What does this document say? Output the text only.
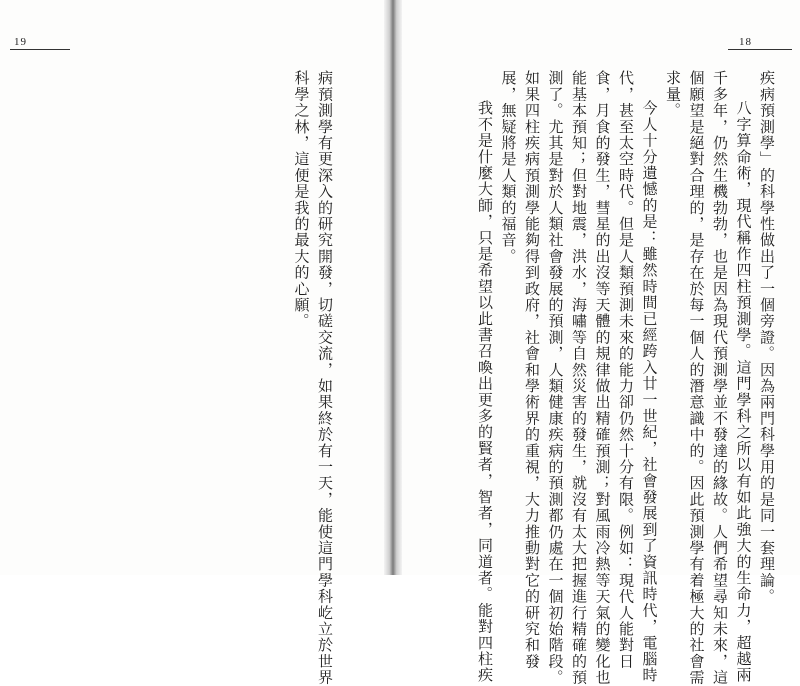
19
病預測學有更深入的研究開發，切磋交流，如果終於有一天，能使這門學科屹立於世界
科學之林，這便是我的最大的心願。
18
疾病預測學」的科學性做出了一個旁證。因為兩門科學用的是同一套理論。
八字算命術，現代稱作四柱預測學。這門學科之所以有如此強大的生命力，超越兩
千多年，仍然生機勃勃，也是因為現代預測學並不發達的緣故。人們希望尋知未來，這
個願望是絕對合理的，是存在於每一個人的潛意識中的。因此預測學有着極大的社會需
求量。
今人十分遺憾的是：雖然時間已經跨入廿一世紀，社會發展到了資訊時代，電腦時
代，甚至太空時代。但是人類預測未來的能力卻仍然十分有限。例如：現代人能對日
食，月食的發生，彗星的出沒等天體的規律做出精確預測；對風雨冷熱等天氣的變化也
能基本預知；但對地震，洪水，海嘯等自然災害的發生，就沒有太大把握進行精確的預
測了。尤其是對於人類社會發展的預測，人類健康疾病的預測都仍處在一個初始階段。
如果四柱疾病預測學能夠得到政府，社會和學術界的重視，大力推動對它的研究和發
展，無疑將是人類的福音。
我不是什麼大師，只是希望以此書召喚出更多的賢者，智者，同道者。能對四柱疾
